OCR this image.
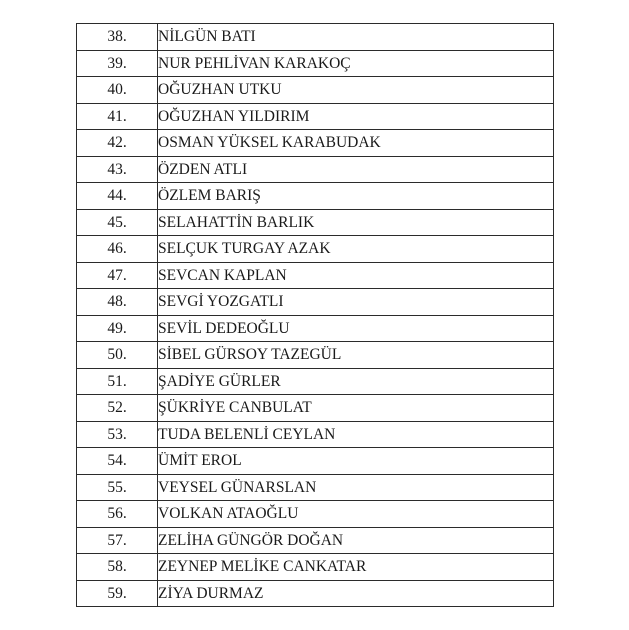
38.	NİLGÜN BATI
39.	NUR PEHLİVAN KARAKOÇ
40.	OĞUZHAN UTKU
41.	OĞUZHAN YILDIRIM
42.	OSMAN YÜKSEL KARABUDAK
43.	ÖZDEN ATLI
44.	ÖZLEM BARIŞ
45.	SELAHATTİN BARLIK
46.	SELÇUK TURGAY AZAK
47.	SEVCAN KAPLAN
48.	SEVGİ YOZGATLI
49.	SEVİL DEDEOĞLU
50.	SİBEL GÜRSOY TAZEGÜL
51.	ŞADİYE GÜRLER
52.	ŞÜKRİYE CANBULAT
53.	TUDA BELENLİ CEYLAN
54.	ÜMİT EROL
55.	VEYSEL GÜNARSLAN
56.	VOLKAN ATAOĞLU
57.	ZELİHA GÜNGÖR DOĞAN
58.	ZEYNEP MELİKE CANKATAR
59.	ZİYA DURMAZ
